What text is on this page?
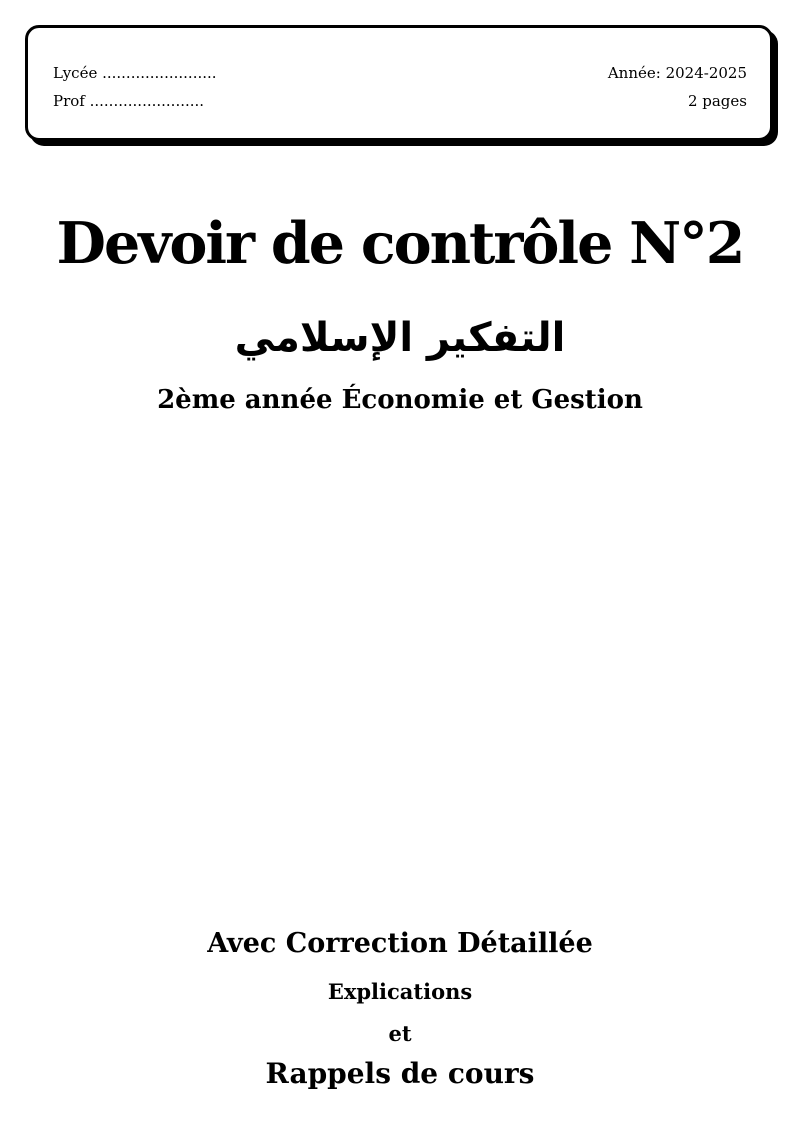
Lycée ........................
Prof ........................
Année: 2024-2025
2 pages
Devoir de contrôle N°2
التفكير الإسلامي
2ème année Économie et Gestion
Avec Correction Détaillée
Explications
et
Rappels de cours
